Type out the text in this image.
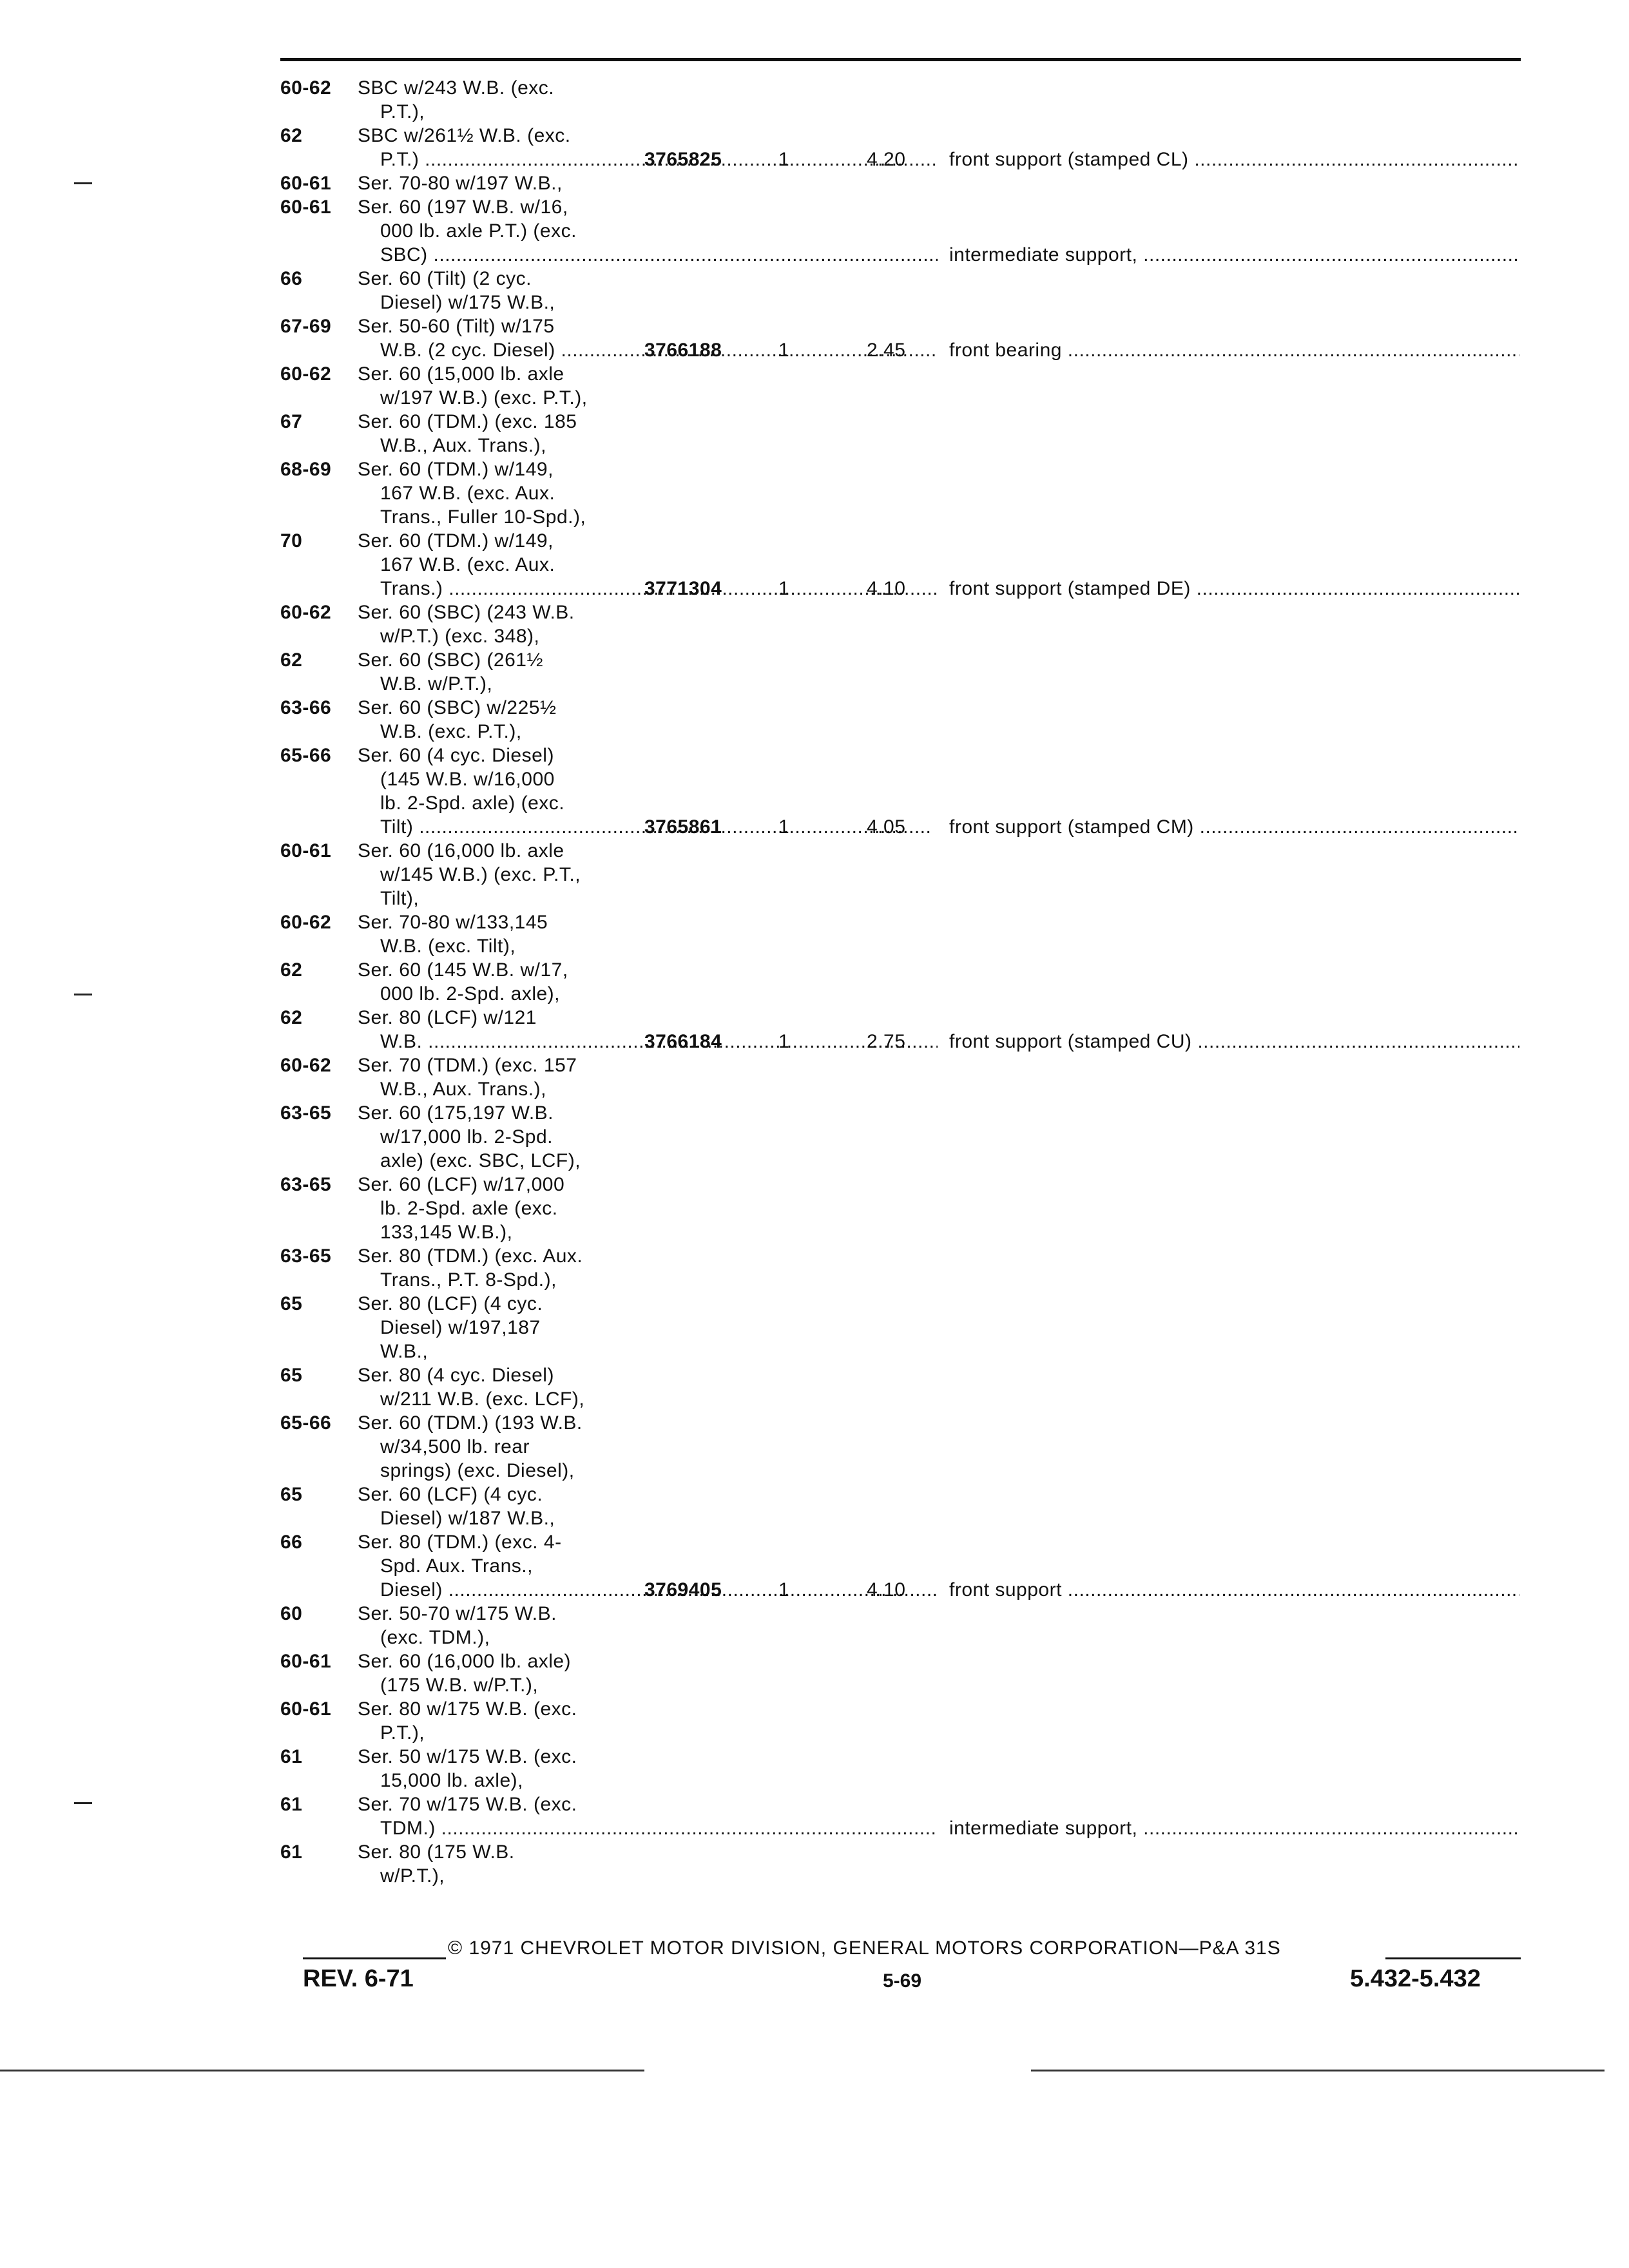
60-62	SBC w/243 W.B. (exc.
P.T.),
62	SBC w/261½ W.B. (exc.
P.T.) .....	3765825	1	4.20 front support (stamped CL) .....
60-61	Ser. 70-80 w/197 W.B.,
60-61	Ser. 60 (197 W.B. w/16,
000 lb. axle P.T.) (exc.
SBC) .....	intermediate support, .....
66	Ser. 60 (Tilt) (2 cyc.
Diesel) w/175 W.B.,
67-69	Ser. 50-60 (Tilt) w/175
W.B. (2 cyc. Diesel) .....	3766188	1	2.45 front bearing .....
60-62	Ser. 60 (15,000 lb. axle
w/197 W.B.) (exc. P.T.),
67	Ser. 60 (TDM.) (exc. 185
W.B., Aux. Trans.),
68-69	Ser. 60 (TDM.) w/149,
167 W.B. (exc. Aux.
Trans., Fuller 10-Spd.),
70	Ser. 60 (TDM.) w/149,
167 W.B. (exc. Aux.
Trans.) .....	3771304	1	4.10 front support (stamped DE) .....
60-62	Ser. 60 (SBC) (243 W.B.
w/P.T.) (exc. 348),
62	Ser. 60 (SBC) (261½
W.B. w/P.T.),
63-66	Ser. 60 (SBC) w/225½
W.B. (exc. P.T.),
65-66	Ser. 60 (4 cyc. Diesel)
(145 W.B. w/16,000
lb. 2-Spd. axle) (exc.
Tilt) .....	3765861	1	4.05 front support (stamped CM) .....
60-61	Ser. 60 (16,000 lb. axle
w/145 W.B.) (exc. P.T.,
Tilt),
60-62	Ser. 70-80 w/133,145
W.B. (exc. Tilt),
62	Ser. 60 (145 W.B. w/17,
000 lb. 2-Spd. axle),
62	Ser. 80 (LCF) w/121
W.B. .....	3766184	1	2.75 front support (stamped CU) .....
60-62	Ser. 70 (TDM.) (exc. 157
W.B., Aux. Trans.),
63-65	Ser. 60 (175,197 W.B.
w/17,000 lb. 2-Spd.
axle) (exc. SBC, LCF),
63-65	Ser. 60 (LCF) w/17,000
lb. 2-Spd. axle (exc.
133,145 W.B.),
63-65	Ser. 80 (TDM.) (exc. Aux.
Trans., P.T. 8-Spd.),
65	Ser. 80 (LCF) (4 cyc.
Diesel) w/197,187
W.B.,
65	Ser. 80 (4 cyc. Diesel)
w/211 W.B. (exc. LCF),
65-66	Ser. 60 (TDM.) (193 W.B.
w/34,500 lb. rear
springs) (exc. Diesel),
65	Ser. 60 (LCF) (4 cyc.
Diesel) w/187 W.B.,
66	Ser. 80 (TDM.) (exc. 4-
Spd. Aux. Trans.,
Diesel) .....	3769405	1	4.10 front support .....
60	Ser. 50-70 w/175 W.B.
(exc. TDM.),
60-61	Ser. 60 (16,000 lb. axle)
(175 W.B. w/P.T.),
60-61	Ser. 80 w/175 W.B. (exc.
P.T.),
61	Ser. 50 w/175 W.B. (exc.
15,000 lb. axle),
61	Ser. 70 w/175 W.B. (exc.
TDM.) .....	intermediate support, .....
61	Ser. 80 (175 W.B.
w/P.T.),
© 1971 CHEVROLET MOTOR DIVISION, GENERAL MOTORS CORPORATION—P&A 31S
REV. 6-71	5-69	5.432-5.432
